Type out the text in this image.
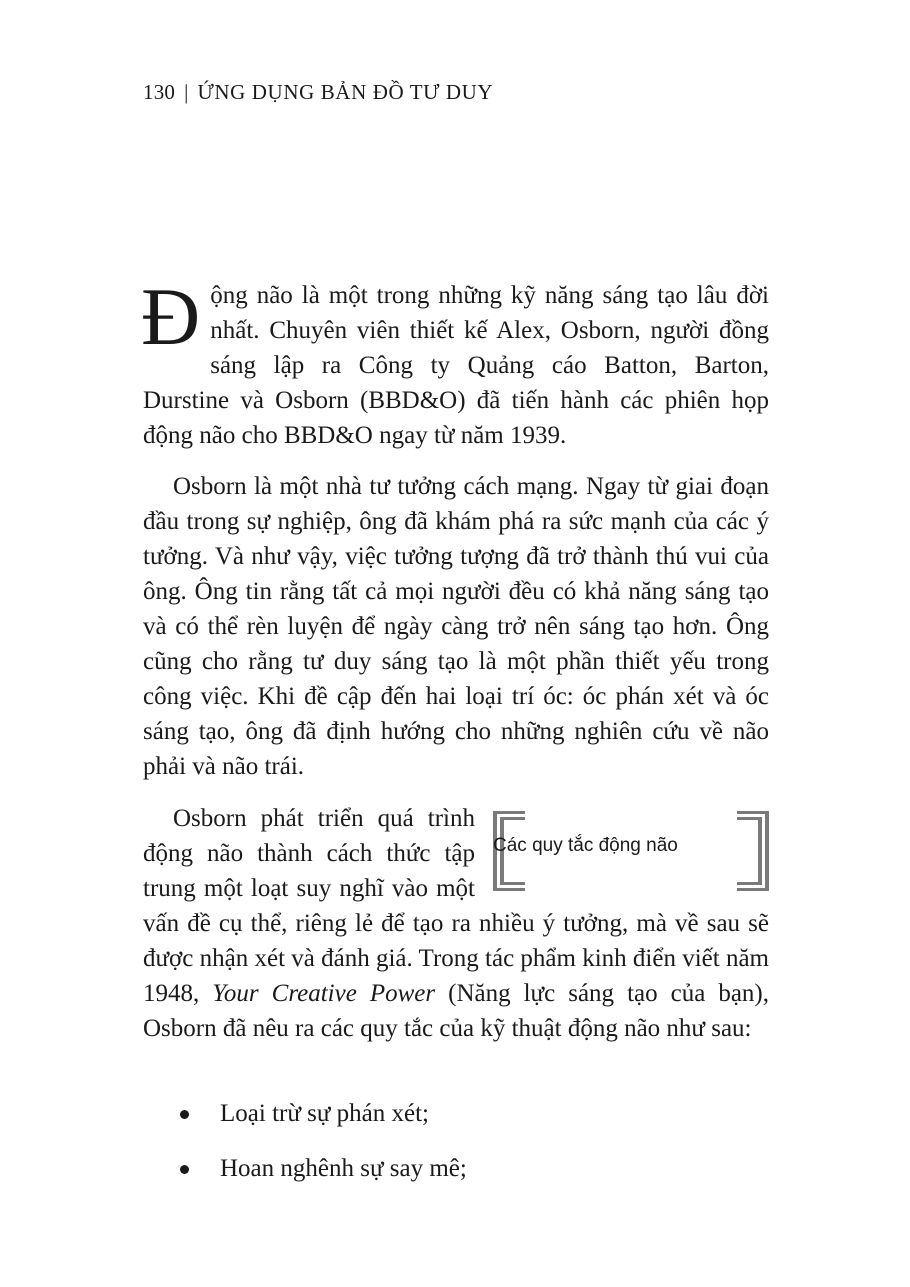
130 | ỨNG DỤNG BẢN ĐỒ TƯ DUY
Động não là một trong những kỹ năng sáng tạo lâu đời nhất. Chuyên viên thiết kế Alex, Osborn, người đồng sáng lập ra Công ty Quảng cáo Batton, Barton, Durstine và Osborn (BBD&O) đã tiến hành các phiên họp động não cho BBD&O ngay từ năm 1939.
Osborn là một nhà tư tưởng cách mạng. Ngay từ giai đoạn đầu trong sự nghiệp, ông đã khám phá ra sức mạnh của các ý tưởng. Và như vậy, việc tưởng tượng đã trở thành thú vui của ông. Ông tin rằng tất cả mọi người đều có khả năng sáng tạo và có thể rèn luyện để ngày càng trở nên sáng tạo hơn. Ông cũng cho rằng tư duy sáng tạo là một phần thiết yếu trong công việc. Khi đề cập đến hai loại trí óc: óc phán xét và óc sáng tạo, ông đã định hướng cho những nghiên cứu về não phải và não trái.
Các quy tắc động não
Osborn phát triển quá trình động não thành cách thức tập trung một loạt suy nghĩ vào một vấn đề cụ thể, riêng lẻ để tạo ra nhiều ý tưởng, mà về sau sẽ được nhận xét và đánh giá. Trong tác phẩm kinh điển viết năm 1948, Your Creative Power (Năng lực sáng tạo của bạn), Osborn đã nêu ra các quy tắc của kỹ thuật động não như sau:
Loại trừ sự phán xét;
Hoan nghênh sự say mê;
